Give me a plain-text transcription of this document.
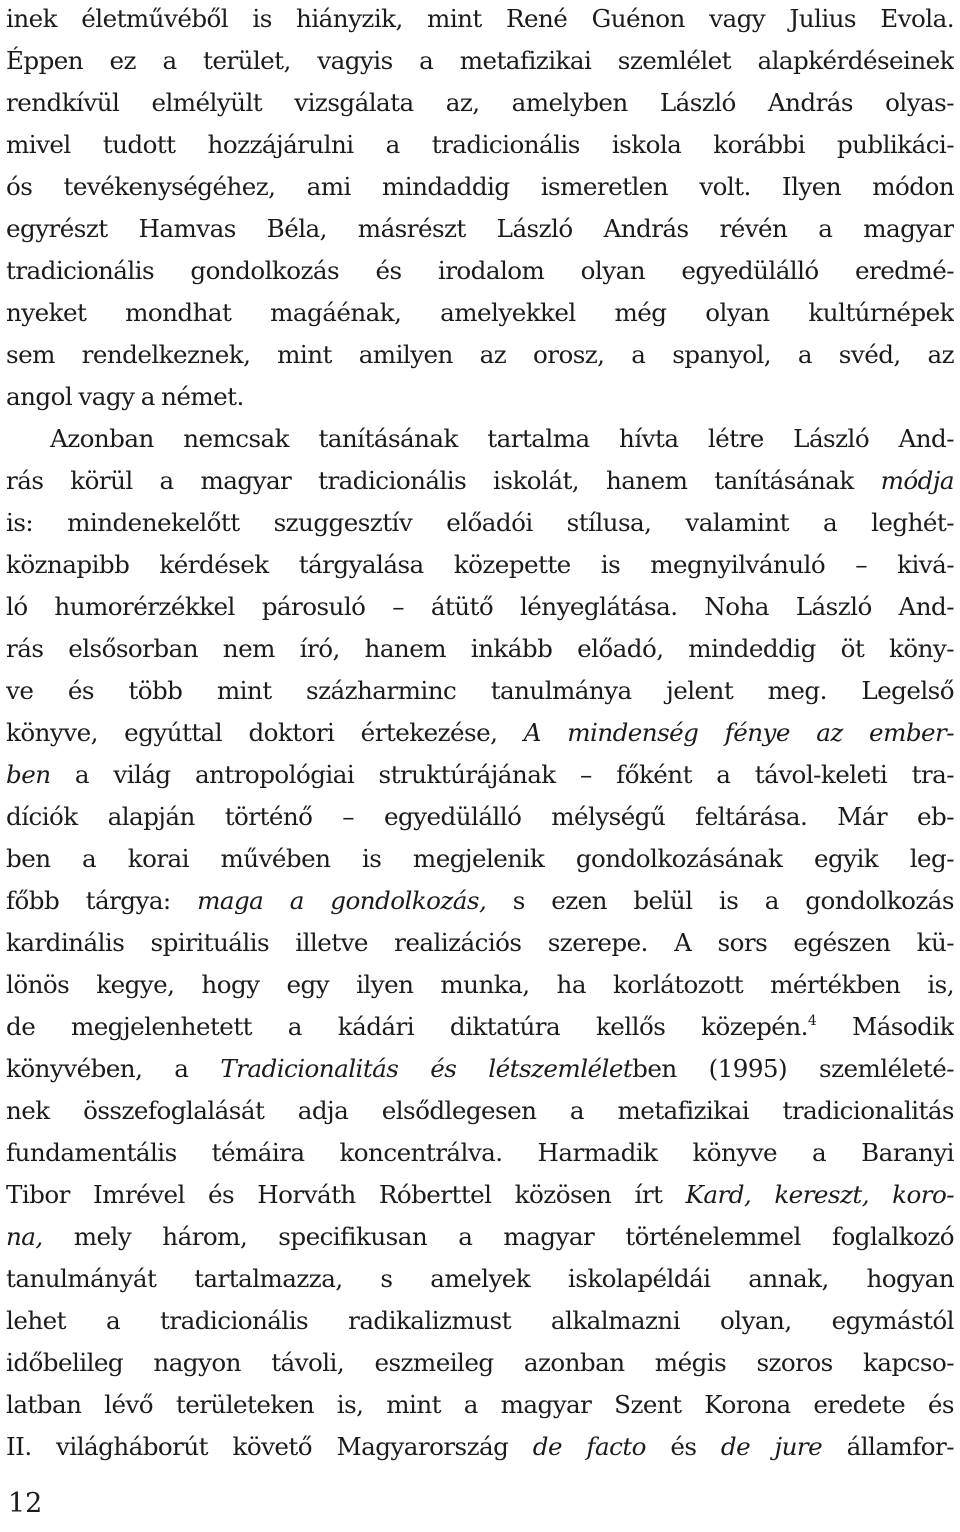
inek életművéből is hiányzik, mint René Guénon vagy Julius Evola.
Éppen ez a terület, vagyis a metafizikai szemlélet alapkérdéseinek
rendkívül elmélyült vizsgálata az, amelyben László András olyas-
mivel tudott hozzájárulni a tradicionális iskola korábbi publikáci-
ós tevékenységéhez, ami mindaddig ismeretlen volt. Ilyen módon
egyrészt Hamvas Béla, másrészt László András révén a magyar
tradicionális gondolkozás és irodalom olyan egyedülálló eredmé-
nyeket mondhat magáénak, amelyekkel még olyan kultúrnépek
sem rendelkeznek, mint amilyen az orosz, a spanyol, a svéd, az
angol vagy a német.
Azonban nemcsak tanításának tartalma hívta létre László And-
rás körül a magyar tradicionális iskolát, hanem tanításának módja
is: mindenekelőtt szuggesztív előadói stílusa, valamint a leghét-
köznapibb kérdések tárgyalása közepette is megnyilvánuló – kivá-
ló humorérzékkel párosuló – átütő lényeglátása. Noha László And-
rás elsősorban nem író, hanem inkább előadó, mindeddig öt köny-
ve és több mint százharminc tanulmánya jelent meg. Legelső
könyve, egyúttal doktori értekezése, A mindenség fénye az ember-
ben a világ antropológiai struktúrájának – főként a távol-keleti tra-
díciók alapján történő – egyedülálló mélységű feltárása. Már eb-
ben a korai művében is megjelenik gondolkozásának egyik leg-
főbb tárgya: maga a gondolkozás, s ezen belül is a gondolkozás
kardinális spirituális illetve realizációs szerepe. A sors egészen kü-
lönös kegye, hogy egy ilyen munka, ha korlátozott mértékben is,
de megjelenhetett a kádári diktatúra kellős közepén.$^4$ Második
könyvében, a Tradicionalitás és létszemléletben (1995) szemléleté-
nek összefoglalását adja elsődlegesen a metafizikai tradicionalitás
fundamentális témáira koncentrálva. Harmadik könyve a Baranyi
Tibor Imrével és Horváth Róberttel közösen írt Kard, kereszt, koro-
na, mely három, specifikusan a magyar történelemmel foglalkozó
tanulmányát tartalmazza, s amelyek iskolapéldái annak, hogyan
lehet a tradicionális radikalizmust alkalmazni olyan, egymástól
időbelileg nagyon távoli, eszmeileg azonban mégis szoros kapcso-
latban lévő területeken is, mint a magyar Szent Korona eredete és
II. világháborút követő Magyarország de facto és de jure államfor-
12
